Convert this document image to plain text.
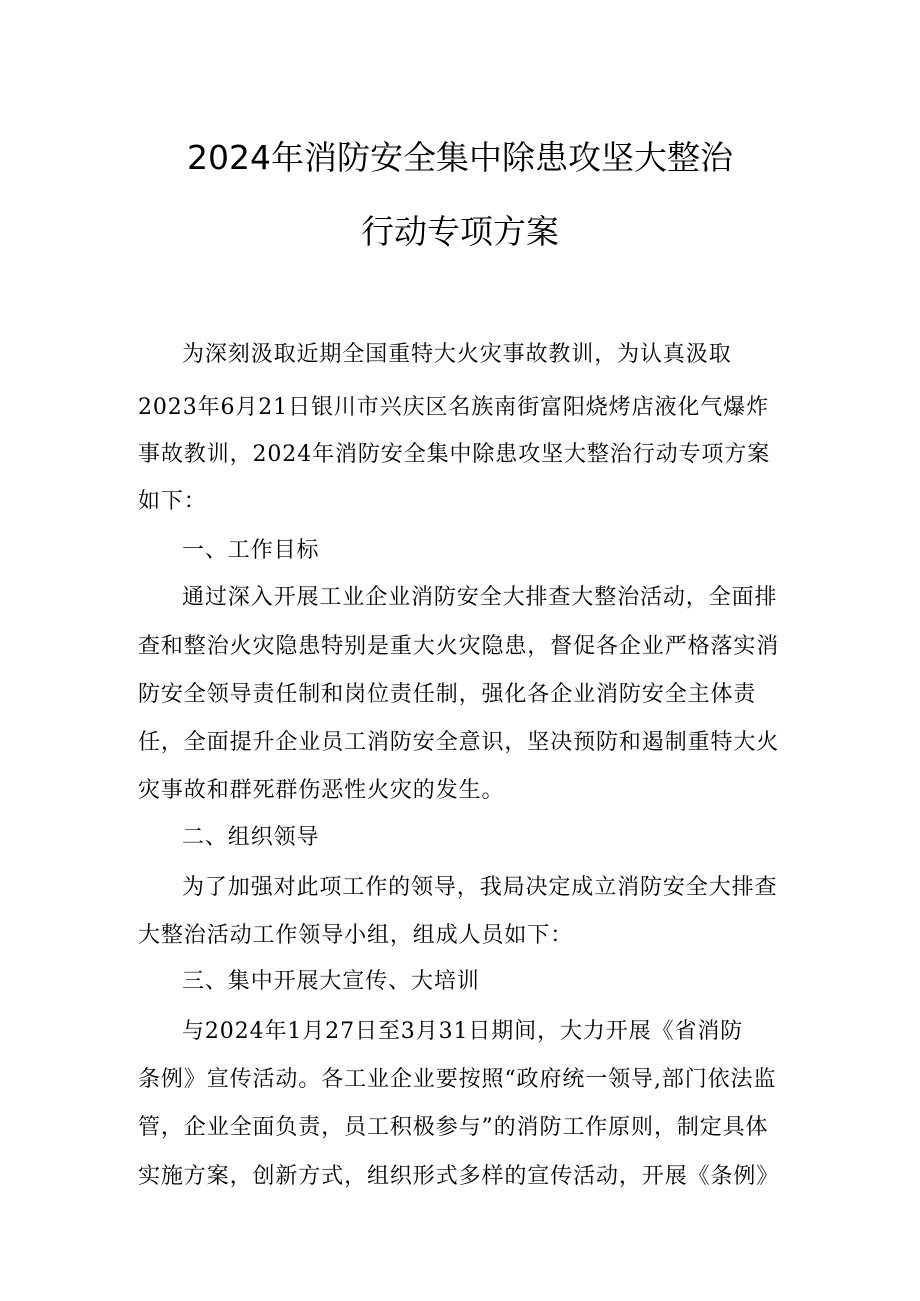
2024年消防安全集中除患攻坚大整治
行动专项方案
为深刻汲取近期全国重特大火灾事故教训，为认真汲取
2023年6月21日银川市兴庆区名族南街富阳烧烤店液化气爆炸
事故教训，2024年消防安全集中除患攻坚大整治行动专项方案
如下：
一、工作目标
通过深入开展工业企业消防安全大排查大整治活动，全面排
查和整治火灾隐患特别是重大火灾隐患，督促各企业严格落实消
防安全领导责任制和岗位责任制，强化各企业消防安全主体责
任，全面提升企业员工消防安全意识，坚决预防和遏制重特大火
灾事故和群死群伤恶性火灾的发生。
二、组织领导
为了加强对此项工作的领导，我局决定成立消防安全大排查
大整治活动工作领导小组，组成人员如下：
三、集中开展大宣传、大培训
与2024年1月27日至3月31日期间，大力开展《省消防
条例》宣传活动。各工业企业要按照“政府统一领导,部门依法监
管，企业全面负责，员工积极参与”的消防工作原则，制定具体
实施方案，创新方式，组织形式多样的宣传活动，开展《条例》
